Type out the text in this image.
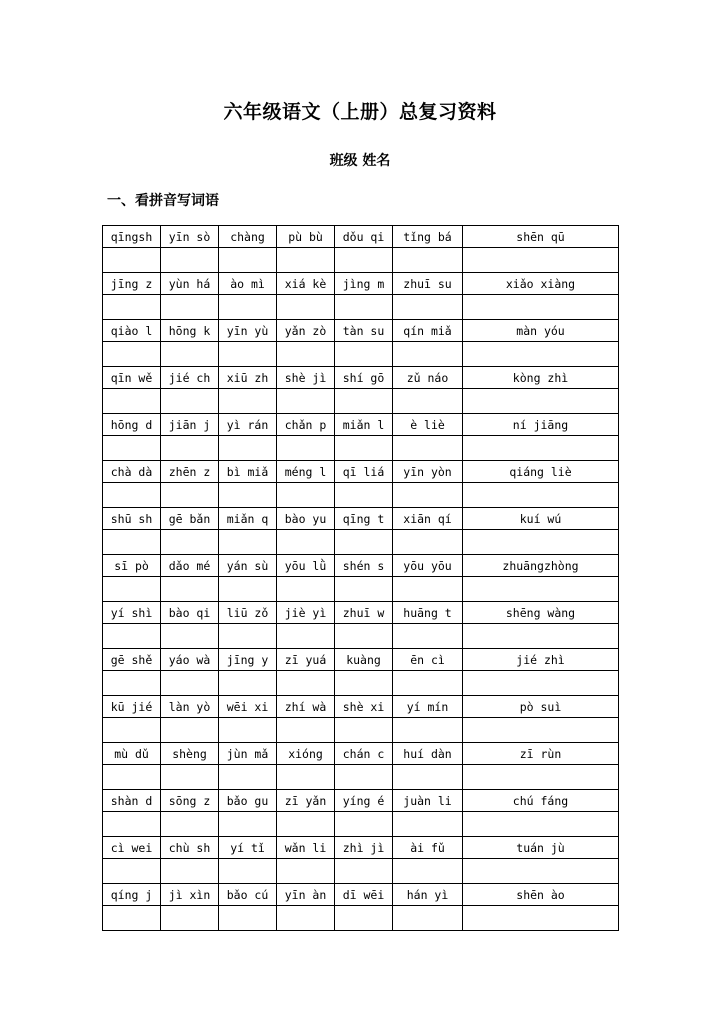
六年级语文（上册）总复习资料
班级 姓名
一、看拼音写词语
qīngsh	yīn sò	chàng	pù bù	dǒu qi	tǐng bá	shēn qū

jīng z	yùn há	ào mì	xiá kè	jìng m	zhuī su	xiǎo xiàng

qiào l	hōng k	yīn yù	yǎn zò	tàn su	qín miǎ	màn yóu

qīn wě	jié ch	xiū zh	shè jì	shí gō	zǔ náo	kòng zhì

hōng d	jiān j	yì rán	chǎn p	miǎn l	è liè	ní jiāng

chà dà	zhēn z	bì miǎ	méng l	qī liá	yīn yòn	qiáng liè

shū sh	gē bǎn	miǎn q	bào yu	qīng t	xiān qí	kuí wú

sī pò	dǎo mé	yán sù	yōu lǜ	shén s	yōu yōu	zhuāngzhòng

yí shì	bào qi	liū zǒ	jiè yì	zhuī w	huāng t	shēng wàng

gē shě	yáo wà	jīng y	zī yuá	kuàng	ēn cì	jié zhì

kū jié	làn yò	wēi xi	zhí wà	shè xi	yí mín	pò suì

mù dǔ	shèng	jùn mǎ	xióng	chán c	huí dàn	zī rùn

shàn d	sōng z	bǎo gu	zī yǎn	yíng é	juàn li	chú fáng

cì wei	chù sh	yí tǐ	wǎn li	zhì jì	ài fǔ	tuán jù

qíng j	jì xìn	bǎo cú	yīn àn	dī wēi	hán yì	shēn ào
